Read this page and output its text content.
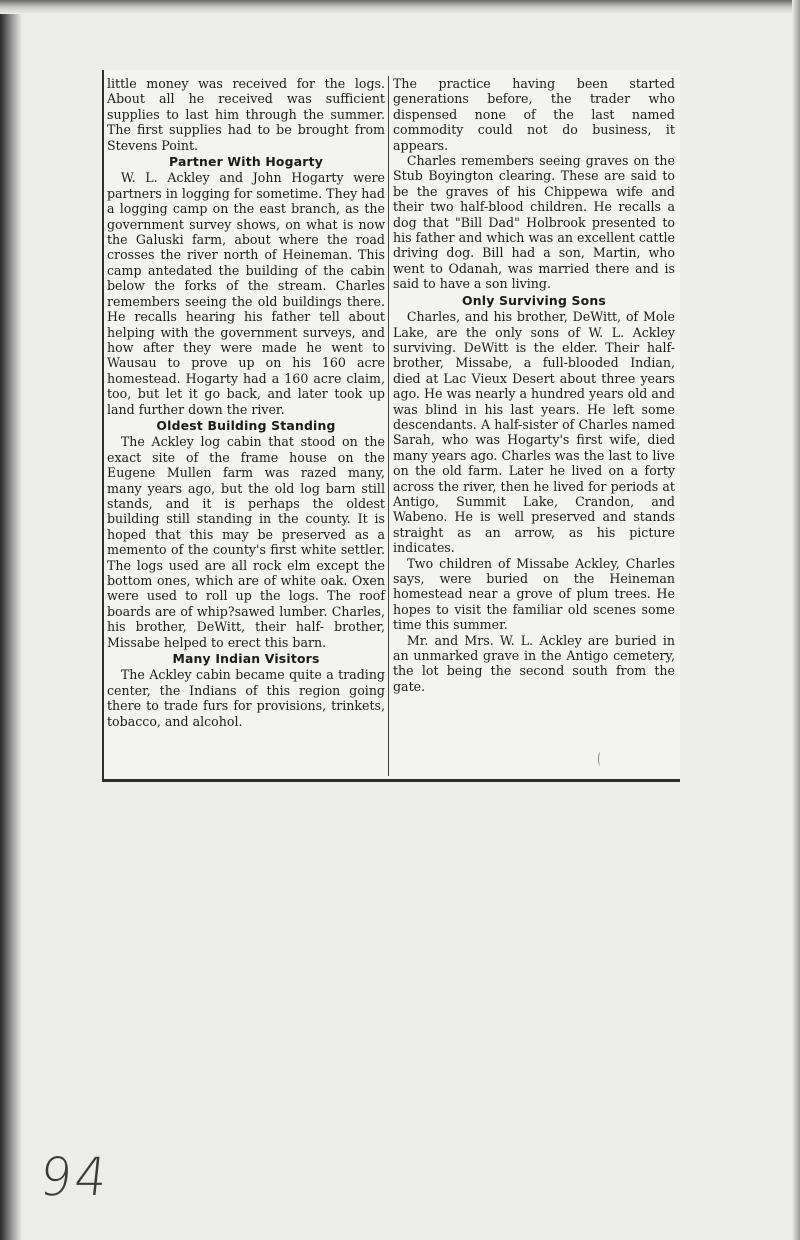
little money was received for the logs. About all he received was sufficient supplies to last him through the summer. The first supplies had to be brought from Stevens Point.

Partner With Hogarty

W. L. Ackley and John Hogarty were partners in logging for sometime. They had a logging camp on the east branch, as the government survey shows, on what is now the Galuski farm, about where the road crosses the river north of Heineman. This camp antedated the building of the cabin below the forks of the stream. Charles remembers seeing the old buildings there. He recalls hearing his father tell about helping with the government surveys, and how after they were made he went to Wausau to prove up on his 160 acre homestead. Hogarty had a 160 acre claim, too, but let it go back, and later took up land further down the river.

Oldest Building Standing

The Ackley log cabin that stood on the exact site of the frame house on the Eugene Mullen farm was razed many, many years ago, but the old log barn still stands, and it is perhaps the oldest building still standing in the county. It is hoped that this may be preserved as a memento of the county's first white settler. The logs used are all rock elm except the bottom ones, which are of white oak. Oxen were used to roll up the logs. The roof boards are of whip?sawed lumber. Charles, his brother, DeWitt, their half- brother, Missabe helped to erect this barn.

Many Indian Visitors

The Ackley cabin became quite a trading center, the Indians of this region going there to trade furs for provisions, trinkets, tobacco, and alcohol.

The practice having been started generations before, the trader who dispensed none of the last named commodity could not do business, it appears.

Charles remembers seeing graves on the Stub Boyington clearing. These are said to be the graves of his Chippewa wife and their two half-blood children. He recalls a dog that "Bill Dad" Holbrook presented to his father and which was an excellent cattle driving dog. Bill had a son, Martin, who went to Odanah, was married there and is said to have a son living.

Only Surviving Sons

Charles, and his brother, DeWitt, of Mole Lake, are the only sons of W. L. Ackley surviving. DeWitt is the elder. Their half-brother, Missabe, a full-blooded Indian, died at Lac Vieux Desert about three years ago. He was nearly a hundred years old and was blind in his last years. He left some descendants. A half-sister of Charles named Sarah, who was Hogarty's first wife, died many years ago. Charles was the last to live on the old farm. Later he lived on a forty across the river, then he lived for periods at Antigo, Summit Lake, Crandon, and Wabeno. He is well preserved and stands straight as an arrow, as his picture indicates.

Two children of Missabe Ackley, Charles says, were buried on the Heineman homestead near a grove of plum trees. He hopes to visit the familiar old scenes some time this summer.

Mr. and Mrs. W. L. Ackley are buried in an unmarked grave in the Antigo cemetery, the lot being the second south from the gate.

94
